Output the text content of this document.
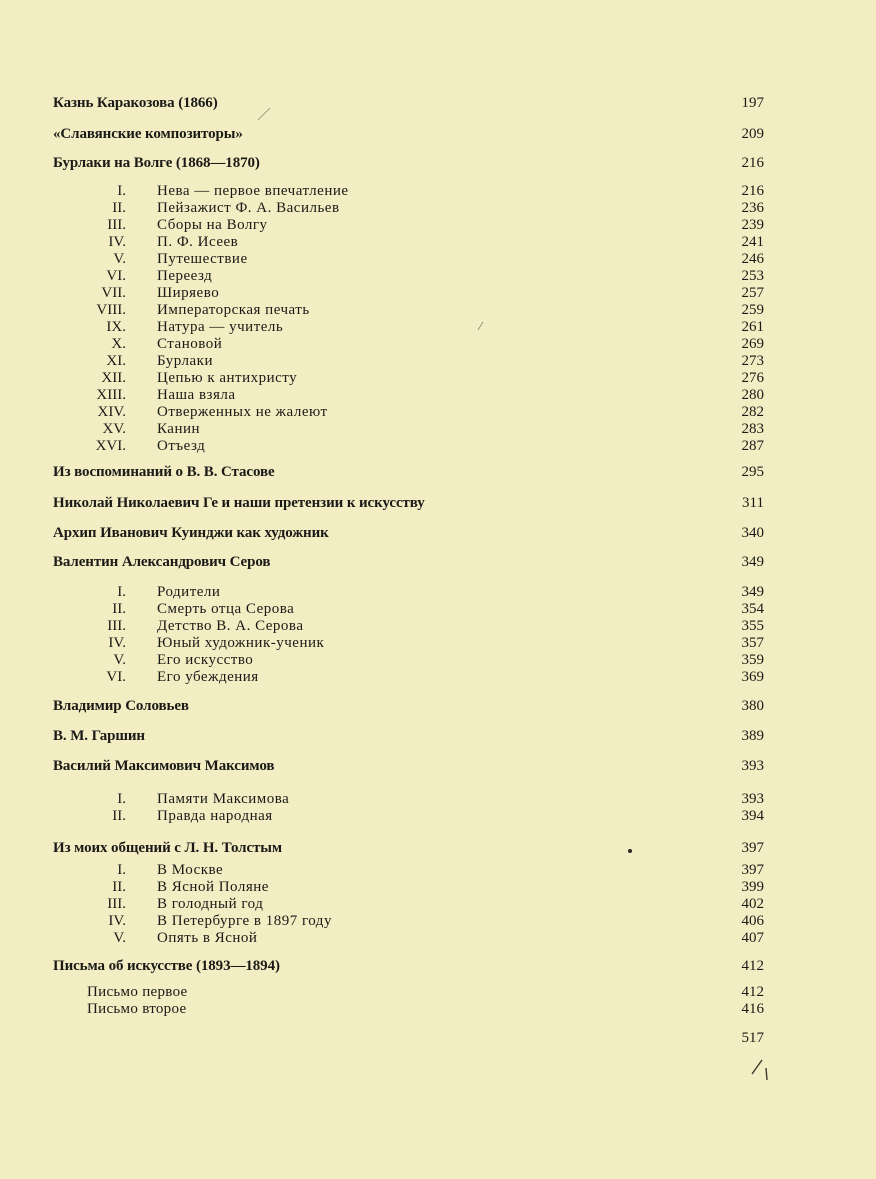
Казнь Каракозова (1866)	197
«Славянские композиторы»	209
Бурлаки на Волге (1868—1870)	216
I. Нева — первое впечатление	216
II. Пейзажист Ф. А. Васильев	236
III. Сборы на Волгу	239
IV. П. Ф. Исеев	241
V. Путешествие	246
VI. Переезд	253
VII. Ширяево	257
VIII. Императорская печать	259
IX. Натура — учитель	261
X. Становой	269
XI. Бурлаки	273
XII. Цепью к антихристу	276
XIII. Наша взяла	280
XIV. Отверженных не жалеют	282
XV. Канин	283
XVI. Отъезд	287
Из воспоминаний о В. В. Стасове	295
Николай Николаевич Ге и наши претензии к искусству	311
Архип Иванович Куинджи как художник	340
Валентин Александрович Серов	349
I. Родители	349
II. Смерть отца Серова	354
III. Детство В. А. Серова	355
IV. Юный художник-ученик	357
V. Его искусство	359
VI. Его убеждения	369
Владимир Соловьев	380
В. М. Гаршин	389
Василий Максимович Максимов	393
I. Памяти Максимова	393
II. Правда народная	394
Из моих общений с Л. Н. Толстым	397
I. В Москве	397
II. В Ясной Поляне	399
III. В голодный год	402
IV. В Петербурге в 1897 году	406
V. Опять в Ясной	407
Письма об искусстве (1893—1894)	412
Письмо первое	412
Письмо второе	416
517
